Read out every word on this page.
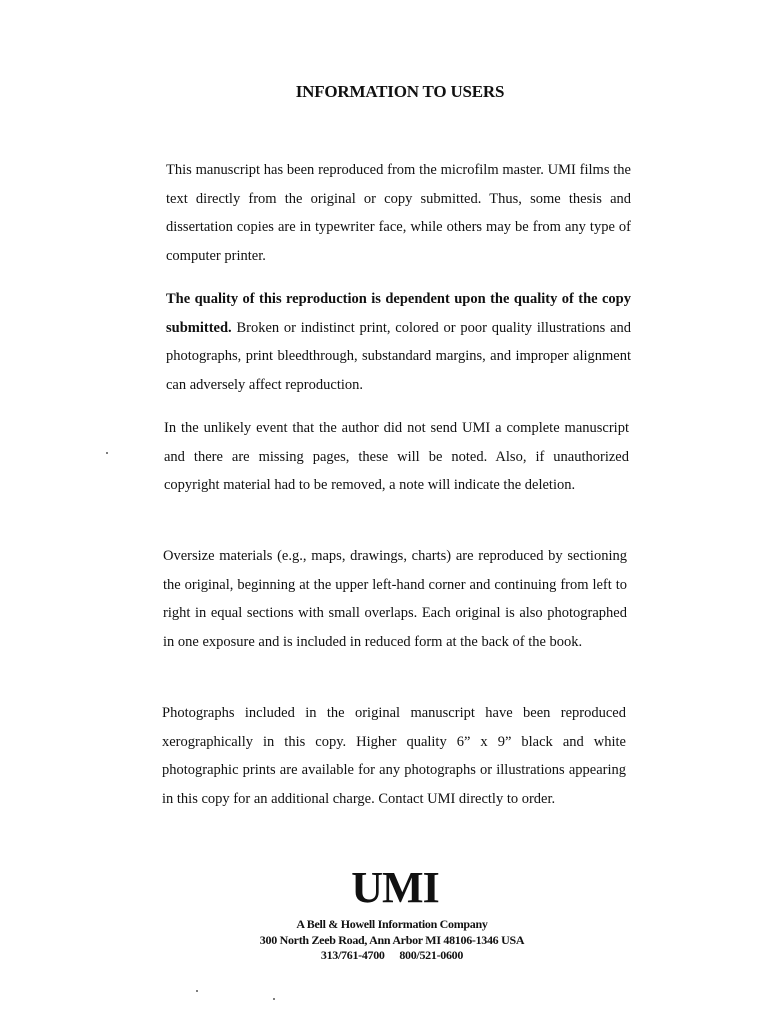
INFORMATION TO USERS
This manuscript has been reproduced from the microfilm master. UMI films the text directly from the original or copy submitted. Thus, some thesis and dissertation copies are in typewriter face, while others may be from any type of computer printer.
The quality of this reproduction is dependent upon the quality of the copy submitted. Broken or indistinct print, colored or poor quality illustrations and photographs, print bleedthrough, substandard margins, and improper alignment can adversely affect reproduction.
In the unlikely event that the author did not send UMI a complete manuscript and there are missing pages, these will be noted. Also, if unauthorized copyright material had to be removed, a note will indicate the deletion.
Oversize materials (e.g., maps, drawings, charts) are reproduced by sectioning the original, beginning at the upper left-hand corner and continuing from left to right in equal sections with small overlaps. Each original is also photographed in one exposure and is included in reduced form at the back of the book.
Photographs included in the original manuscript have been reproduced xerographically in this copy. Higher quality 6” x 9” black and white photographic prints are available for any photographs or illustrations appearing in this copy for an additional charge. Contact UMI directly to order.
UMI
A Bell & Howell Information Company
300 North Zeeb Road, Ann Arbor MI 48106-1346 USA
313/761-4700 800/521-0600
